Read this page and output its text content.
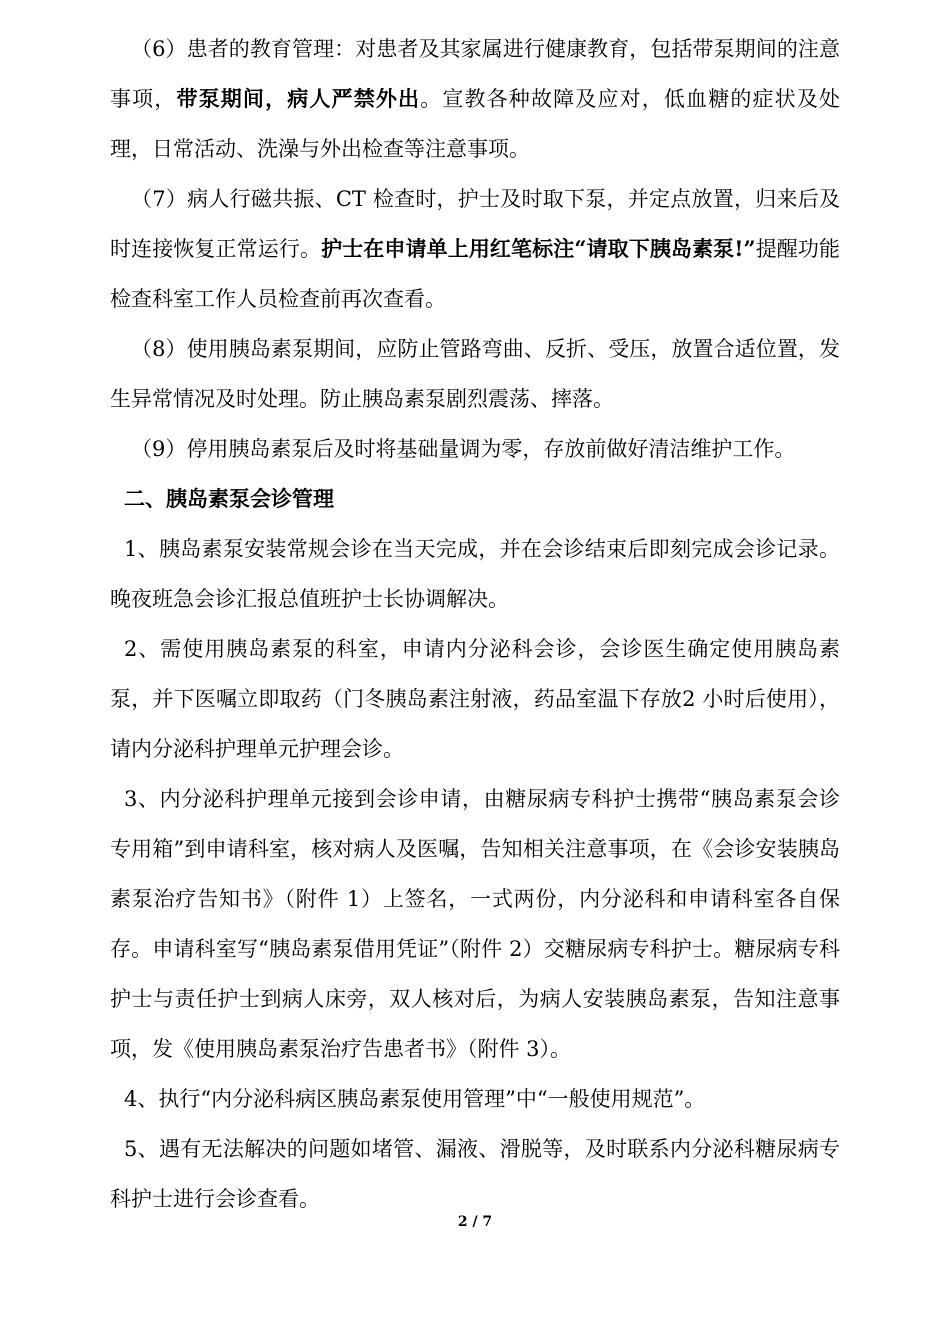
（6）患者的教育管理：对患者及其家属进行健康教育，包括带泵期间的注意事项，带泵期间，病人严禁外出。宣教各种故障及应对，低血糖的症状及处理，日常活动、洗澡与外出检查等注意事项。

（7）病人行磁共振、CT 检查时，护士及时取下泵，并定点放置，归来后及时连接恢复正常运行。护士在申请单上用红笔标注“请取下胰岛素泵!”提醒功能检查科室工作人员检查前再次查看。

（8）使用胰岛素泵期间，应防止管路弯曲、反折、受压，放置合适位置，发生异常情况及时处理。防止胰岛素泵剧烈震荡、摔落。

（9）停用胰岛素泵后及时将基础量调为零，存放前做好清洁维护工作。

二、胰岛素泵会诊管理

1、胰岛素泵安装常规会诊在当天完成，并在会诊结束后即刻完成会诊记录。晚夜班急会诊汇报总值班护士长协调解决。

2、需使用胰岛素泵的科室，申请内分泌科会诊，会诊医生确定使用胰岛素泵，并下医嘱立即取药（门冬胰岛素注射液，药品室温下存放2 小时后使用），请内分泌科护理单元护理会诊。

3、内分泌科护理单元接到会诊申请，由糖尿病专科护士携带“胰岛素泵会诊专用箱”到申请科室，核对病人及医嘱，告知相关注意事项，在《会诊安装胰岛素泵治疗告知书》（附件 1）上签名，一式两份，内分泌科和申请科室各自保存。申请科室写“胰岛素泵借用凭证”（附件 2）交糖尿病专科护士。糖尿病专科护士与责任护士到病人床旁，双人核对后，为病人安装胰岛素泵，告知注意事项，发《使用胰岛素泵治疗告患者书》（附件 3）。

4、执行“内分泌科病区胰岛素泵使用管理”中“一般使用规范”。

5、遇有无法解决的问题如堵管、漏液、滑脱等，及时联系内分泌科糖尿病专科护士进行会诊查看。

2 / 7
